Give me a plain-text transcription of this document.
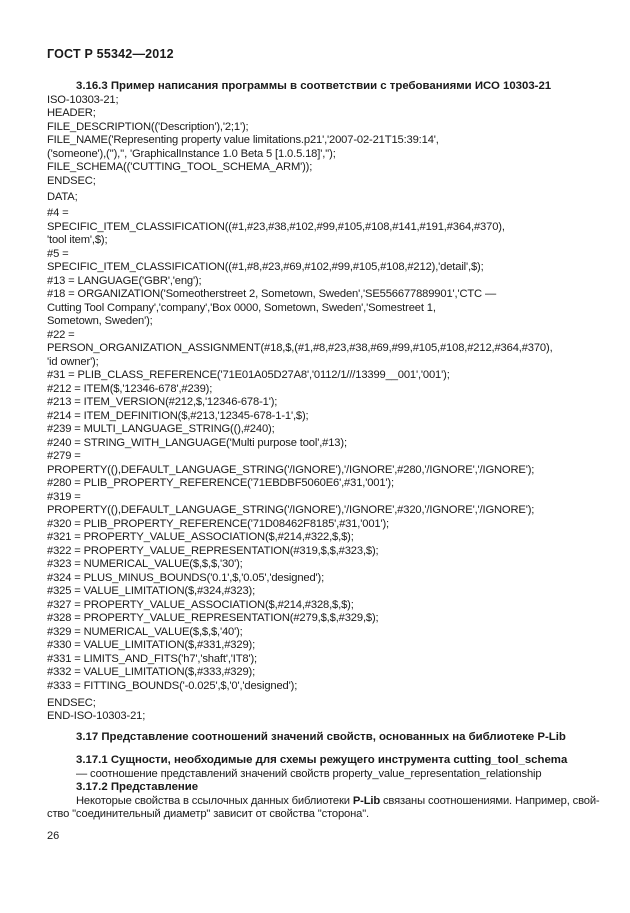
ГОСТ Р 55342—2012
3.16.3 Пример написания программы в соответствии с требованиями ИСО 10303-21
ISO-10303-21;
HEADER;
FILE_DESCRIPTION(('Description'),'2;1');
FILE_NAME('Representing property value limitations.p21','2007-02-21T15:39:14',
('someone'),(''),'', 'GraphicalInstance 1.0 Beta 5 [1.0.5.18]','');
FILE_SCHEMA(('CUTTING_TOOL_SCHEMA_ARM'));
ENDSEC;
DATA;
#4 =
SPECIFIC_ITEM_CLASSIFICATION((#1,#23,#38,#102,#99,#105,#108,#141,#191,#364,#370),
'tool item',$);
#5 =
SPECIFIC_ITEM_CLASSIFICATION((#1,#8,#23,#69,#102,#99,#105,#108,#212),'detail',$);
#13 = LANGUAGE('GBR','eng');
#18 = ORGANIZATION('Someotherstreet 2, Sometown, Sweden','SE556677889901','CTC —
Cutting Tool Company','company','Box 0000, Sometown, Sweden','Somestreet 1,
Sometown, Sweden');
#22 =
PERSON_ORGANIZATION_ASSIGNMENT(#18,$,(#1,#8,#23,#38,#69,#99,#105,#108,#212,#364,#370),
'id owner');
#31 = PLIB_CLASS_REFERENCE('71E01A05D27A8','0112/1///13399__001','001');
#212 = ITEM($,'12346-678',#239);
#213 = ITEM_VERSION(#212,$,'12346-678-1');
#214 = ITEM_DEFINITION($,#213,'12345-678-1-1',$);
#239 = MULTI_LANGUAGE_STRING((),#240);
#240 = STRING_WITH_LANGUAGE('Multi purpose tool',#13);
#279 =
PROPERTY((),DEFAULT_LANGUAGE_STRING('/IGNORE'),'/IGNORE',#280,'/IGNORE','/IGNORE');
#280 = PLIB_PROPERTY_REFERENCE('71EBDBF5060E6',#31,'001');
#319 =
PROPERTY((),DEFAULT_LANGUAGE_STRING('/IGNORE'),'/IGNORE',#320,'/IGNORE','/IGNORE');
#320 = PLIB_PROPERTY_REFERENCE('71D08462F8185',#31,'001');
#321 = PROPERTY_VALUE_ASSOCIATION($,#214,#322,$,$);
#322 = PROPERTY_VALUE_REPRESENTATION(#319,$,$,#323,$);
#323 = NUMERICAL_VALUE($,$,$,'30');
#324 = PLUS_MINUS_BOUNDS('0.1',$,'0.05','designed');
#325 = VALUE_LIMITATION($,#324,#323);
#327 = PROPERTY_VALUE_ASSOCIATION($,#214,#328,$,$);
#328 = PROPERTY_VALUE_REPRESENTATION(#279,$,$,#329,$);
#329 = NUMERICAL_VALUE($,$,$,'40');
#330 = VALUE_LIMITATION($,#331,#329);
#331 = LIMITS_AND_FITS('h7','shaft','IT8');
#332 = VALUE_LIMITATION($,#333,#329);
#333 = FITTING_BOUNDS('-0.025',$,'0','designed');
ENDSEC;
END-ISO-10303-21;
3.17 Представление соотношений значений свойств, основанных на библиотеке P-Lib
3.17.1 Сущности, необходимые для схемы режущего инструмента cutting_tool_schema
— соотношение представлений значений свойств property_value_representation_relationship
3.17.2 Представление
Некоторые свойства в ссылочных данных библиотеки P-Lib связаны соотношениями. Например, свой-
ство "соединительный диаметр" зависит от свойства "сторона".
26
